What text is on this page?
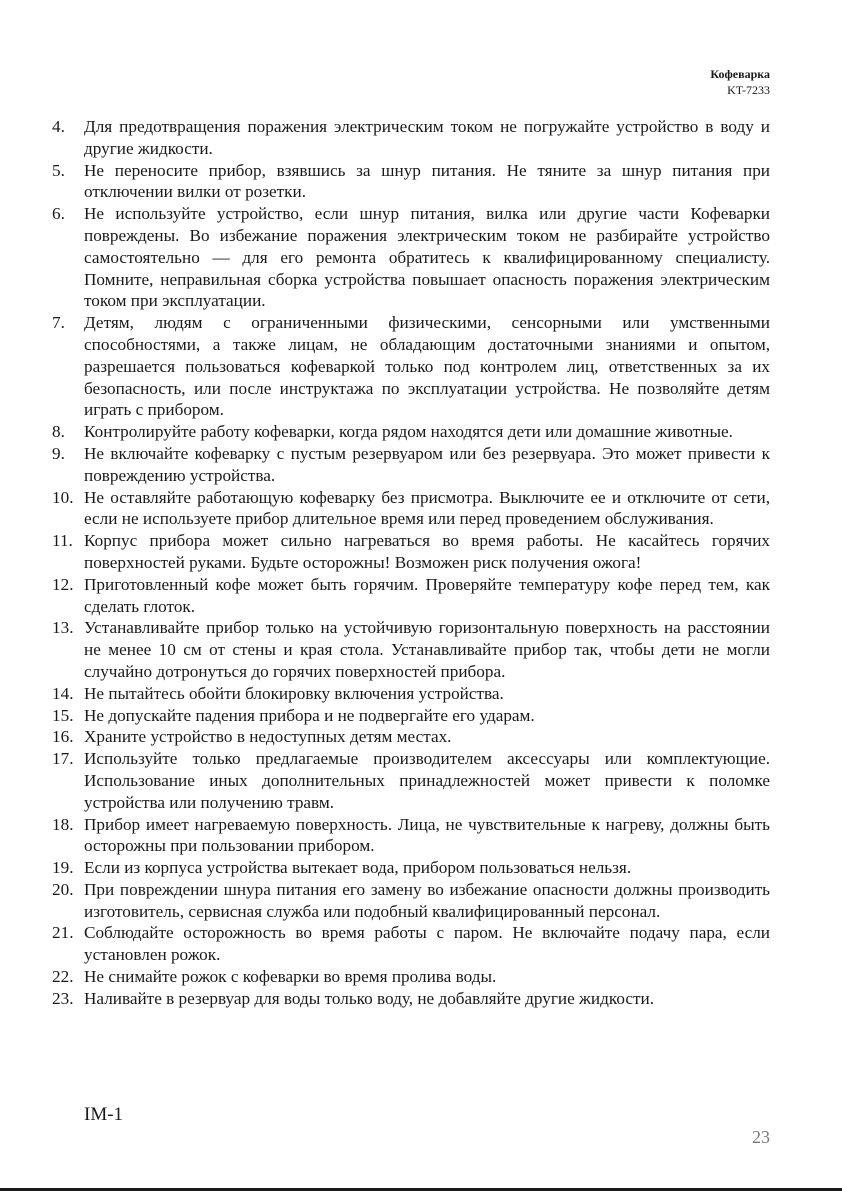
Кофеварка
KT-7233
4.	Для предотвращения поражения электрическим током не погружайте устройство в воду и другие жидкости.
5.	Не переносите прибор, взявшись за шнур питания. Не тяните за шнур питания при отключении вилки от розетки.
6.	Не используйте устройство, если шнур питания, вилка или другие части Кофеварки повреждены. Во избежание поражения электрическим током не разбирайте устройство самостоятельно — для его ремонта обратитесь к квалифицированному специалисту. Помните, неправильная сборка устройства повышает опасность поражения электрическим током при эксплуатации.
7.	Детям, людям с ограниченными физическими, сенсорными или умственными способностями, а также лицам, не обладающим достаточными знаниями и опытом, разрешается пользоваться кофеваркой только под контролем лиц, ответственных за их безопасность, или после инструктажа по эксплуатации устройства. Не позволяйте детям играть с прибором.
8.	Контролируйте работу кофеварки, когда рядом находятся дети или домашние животные.
9.	Не включайте кофеварку с пустым резервуаром или без резервуара. Это может привести к повреждению устройства.
10. Не оставляйте работающую кофеварку без присмотра. Выключите ее и отключите от сети, если не используете прибор длительное время или перед проведением обслуживания.
11. Корпус прибора может сильно нагреваться во время работы. Не касайтесь горячих поверхностей руками. Будьте осторожны! Возможен риск получения ожога!
12. Приготовленный кофе может быть горячим. Проверяйте температуру кофе перед тем, как сделать глоток.
13. Устанавливайте прибор только на устойчивую горизонтальную поверхность на расстоянии не менее 10 см от стены и края стола. Устанавливайте прибор так, чтобы дети не могли случайно дотронуться до горячих поверхностей прибора.
14. Не пытайтесь обойти блокировку включения устройства.
15. Не допускайте падения прибора и не подвергайте его ударам.
16. Храните устройство в недоступных детям местах.
17. Используйте только предлагаемые производителем аксессуары или комплектующие. Использование иных дополнительных принадлежностей может привести к поломке устройства или получению травм.
18. Прибор имеет нагреваемую поверхность. Лица, не чувствительные к нагреву, должны быть осторожны при пользовании прибором.
19. Если из корпуса устройства вытекает вода, прибором пользоваться нельзя.
20. При повреждении шнура питания его замену во избежание опасности должны производить изготовитель, сервисная служба или подобный квалифицированный персонал.
21. Соблюдайте осторожность во время работы с паром. Не включайте подачу пара, если установлен рожок.
22. Не снимайте рожок с кофеварки во время пролива воды.
23. Наливайте в резервуар для воды только воду, не добавляйте другие жидкости.
IM-1
23
